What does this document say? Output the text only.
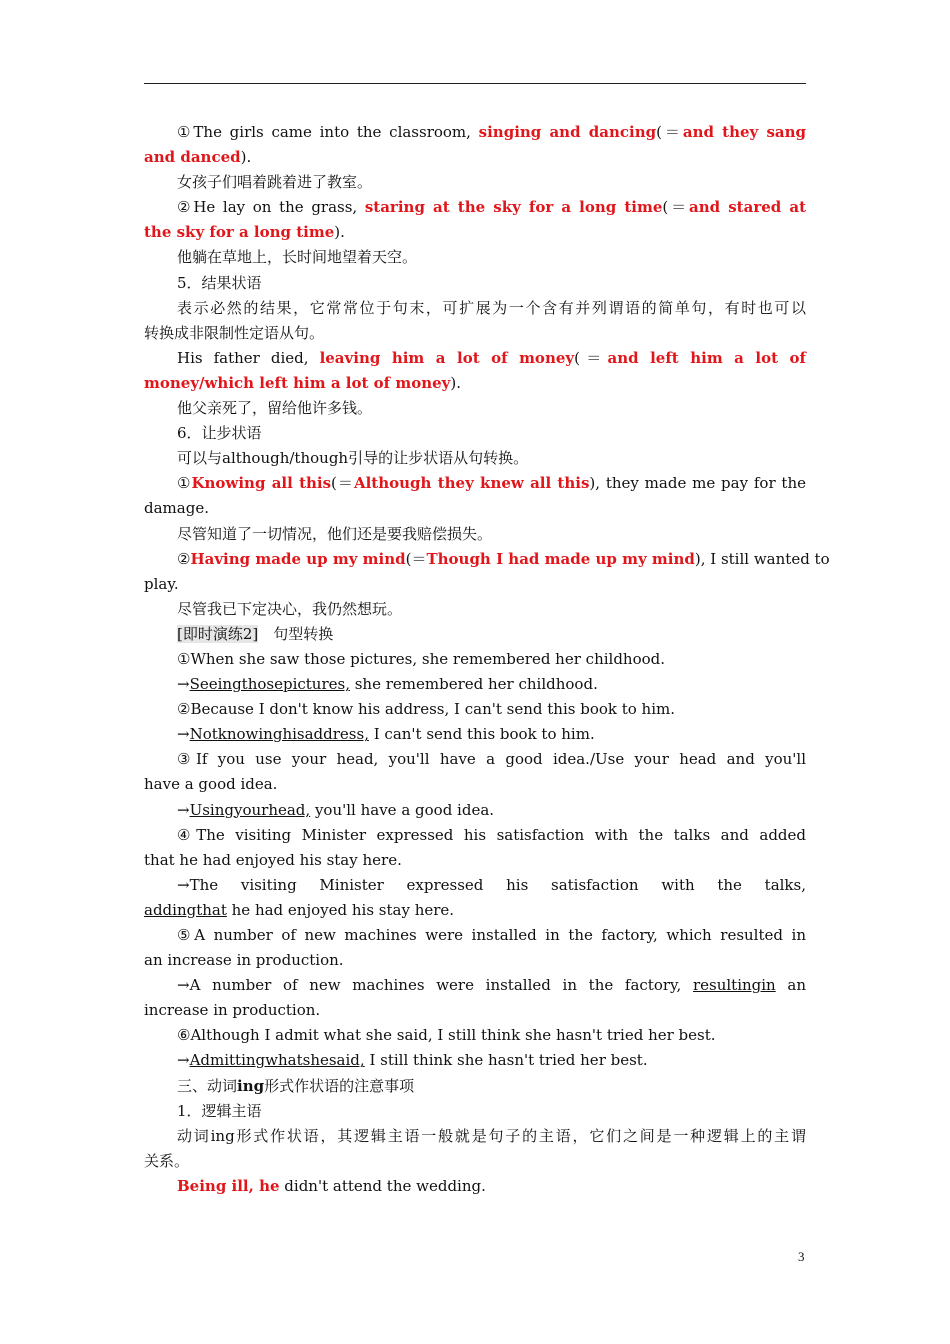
①The girls came into the classroom, singing and dancing(＝and they sang
and danced).
女孩子们唱着跳着进了教室。
②He lay on the grass, staring at the sky for a long time(＝and stared at
the sky for a long time).
他躺在草地上，长时间地望着天空。
5．结果状语
表示必然的结果，它常常位于句末，可扩展为一个含有并列谓语的简单句，有时也可以
转换成非限制性定语从句。
His father died, leaving him a lot of money(＝and left him a lot of
money/which left him a lot of money).
他父亲死了，留给他许多钱。
6．让步状语
可以与although/though引导的让步状语从句转换。
①Knowing all this(＝Although they knew all this), they made me pay for the
damage.
尽管知道了一切情况，他们还是要我赔偿损失。
②Having made up my mind(＝Though I had made up my mind), I still wanted to
play.
尽管我已下定决心，我仍然想玩。
[即时演练2]　句型转换
①When she saw those pictures, she remembered her childhood.
→Seeingthosepictures, she remembered her childhood.
②Because I don't know his address, I can't send this book to him.
→Notknowinghisaddress, I can't send this book to him.
③If you use your head, you'll have a good idea./Use your head and you'll
have a good idea.
→Usingyourhead, you'll have a good idea.
④The visiting Minister expressed his satisfaction with the talks and added
that he had enjoyed his stay here.
→The visiting Minister expressed his satisfaction with the talks,
addingthat he had enjoyed his stay here.
⑤A number of new machines were installed in the factory, which resulted in
an increase in production.
→A number of new machines were installed in the factory, resultingin an
increase in production.
⑥Although I admit what she said, I still think she hasn't tried her best.
→Admittingwhatshesaid, I still think she hasn't tried her best.
三、动词ing形式作状语的注意事项
1．逻辑主语
动词ing形式作状语，其逻辑主语一般就是句子的主语，它们之间是一种逻辑上的主谓
关系。
Being ill, he didn't attend the wedding.
3
